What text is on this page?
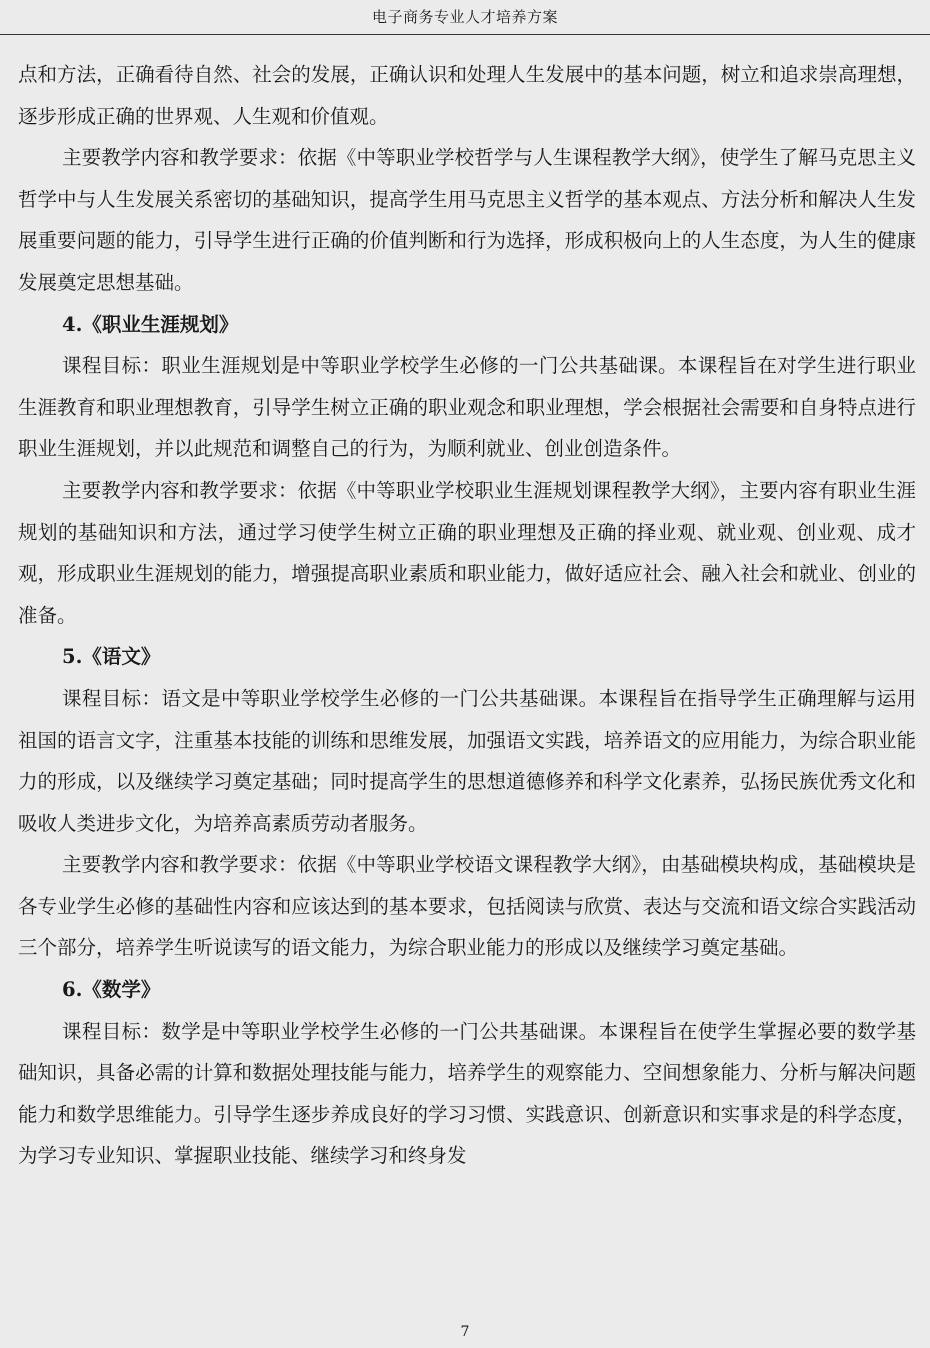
电子商务专业人才培养方案

点和方法，正确看待自然、社会的发展，正确认识和处理人生发展中的基本问题，树立和追求崇高理想，逐步形成正确的世界观、人生观和价值观。

主要教学内容和教学要求：依据《中等职业学校哲学与人生课程教学大纲》，使学生了解马克思主义哲学中与人生发展关系密切的基础知识，提高学生用马克思主义哲学的基本观点、方法分析和解决人生发展重要问题的能力，引导学生进行正确的价值判断和行为选择，形成积极向上的人生态度，为人生的健康发展奠定思想基础。

4.《职业生涯规划》

课程目标：职业生涯规划是中等职业学校学生必修的一门公共基础课。本课程旨在对学生进行职业生涯教育和职业理想教育，引导学生树立正确的职业观念和职业理想，学会根据社会需要和自身特点进行职业生涯规划，并以此规范和调整自己的行为，为顺利就业、创业创造条件。

主要教学内容和教学要求：依据《中等职业学校职业生涯规划课程教学大纲》，主要内容有职业生涯规划的基础知识和方法，通过学习使学生树立正确的职业理想及正确的择业观、就业观、创业观、成才观，形成职业生涯规划的能力，增强提高职业素质和职业能力，做好适应社会、融入社会和就业、创业的准备。

5.《语文》

课程目标：语文是中等职业学校学生必修的一门公共基础课。本课程旨在指导学生正确理解与运用祖国的语言文字，注重基本技能的训练和思维发展，加强语文实践，培养语文的应用能力，为综合职业能力的形成，以及继续学习奠定基础；同时提高学生的思想道德修养和科学文化素养，弘扬民族优秀文化和吸收人类进步文化，为培养高素质劳动者服务。

主要教学内容和教学要求：依据《中等职业学校语文课程教学大纲》，由基础模块构成，基础模块是各专业学生必修的基础性内容和应该达到的基本要求，包括阅读与欣赏、表达与交流和语文综合实践活动三个部分，培养学生听说读写的语文能力，为综合职业能力的形成以及继续学习奠定基础。

6.《数学》

课程目标：数学是中等职业学校学生必修的一门公共基础课。本课程旨在使学生掌握必要的数学基础知识，具备必需的计算和数据处理技能与能力，培养学生的观察能力、空间想象能力、分析与解决问题能力和数学思维能力。引导学生逐步养成良好的学习习惯、实践意识、创新意识和实事求是的科学态度，为学习专业知识、掌握职业技能、继续学习和终身发

7
